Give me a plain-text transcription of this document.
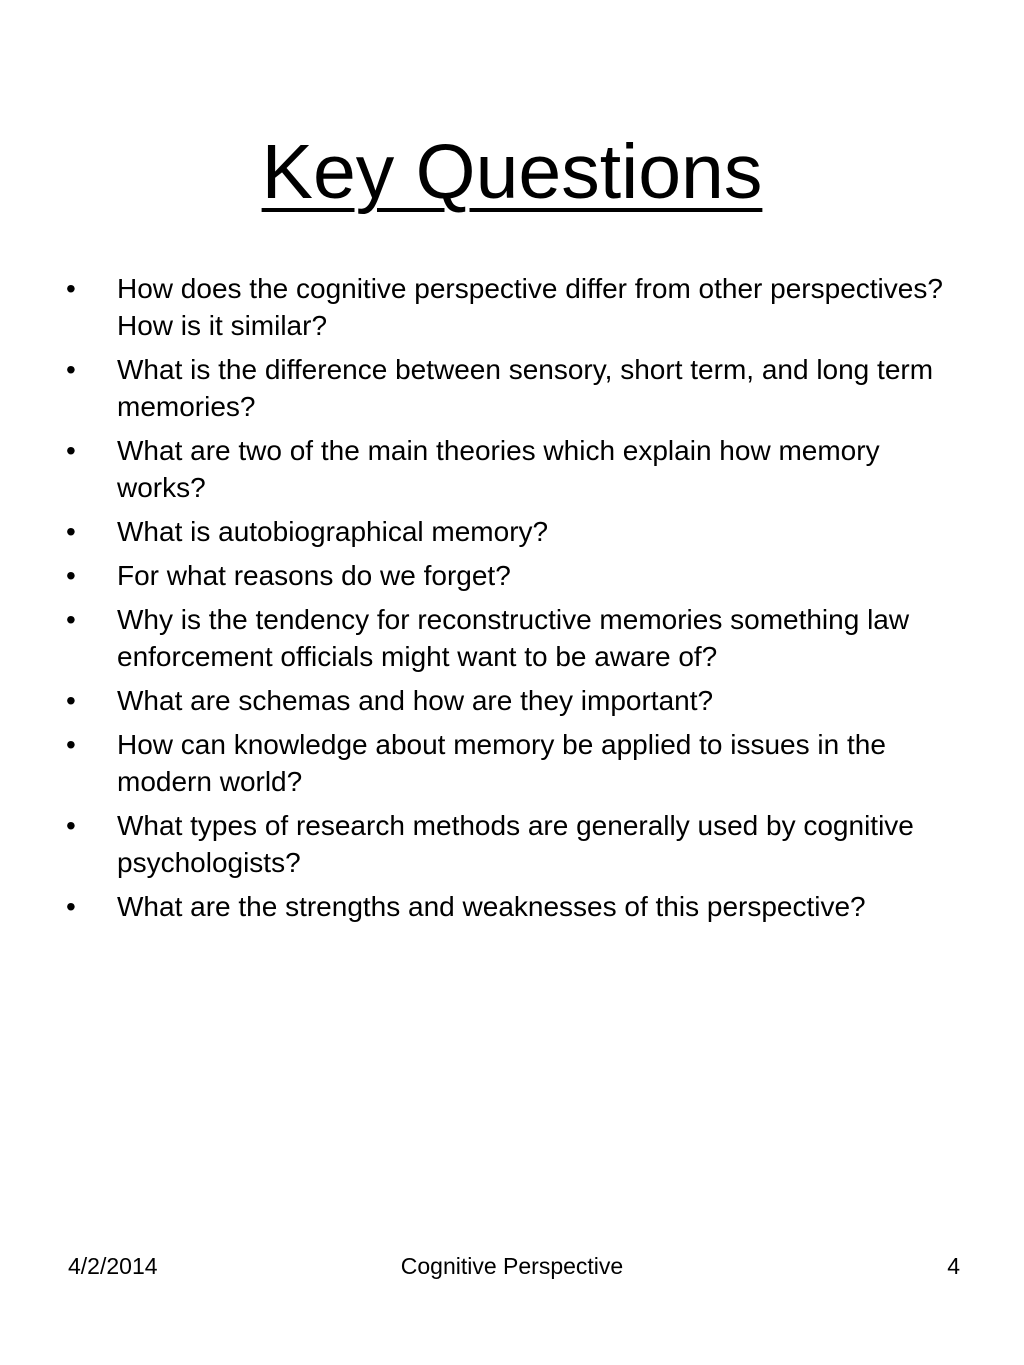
Key Questions
•	How does the cognitive perspective differ from other perspectives? How is it similar?
•	What is the difference between sensory, short term, and long term memories?
•	What are two of the main theories which explain how memory works?
•	What is autobiographical memory?
•	For what reasons do we forget?
•	Why is the tendency for reconstructive memories something law enforcement officials might want to be aware of?
•	What are schemas and how are they important?
•	How can knowledge about memory be applied to issues in the modern world?
•	What types of research methods are generally used by cognitive psychologists?
•	What are the strengths and weaknesses of this perspective?
4/2/2014	Cognitive Perspective	4
